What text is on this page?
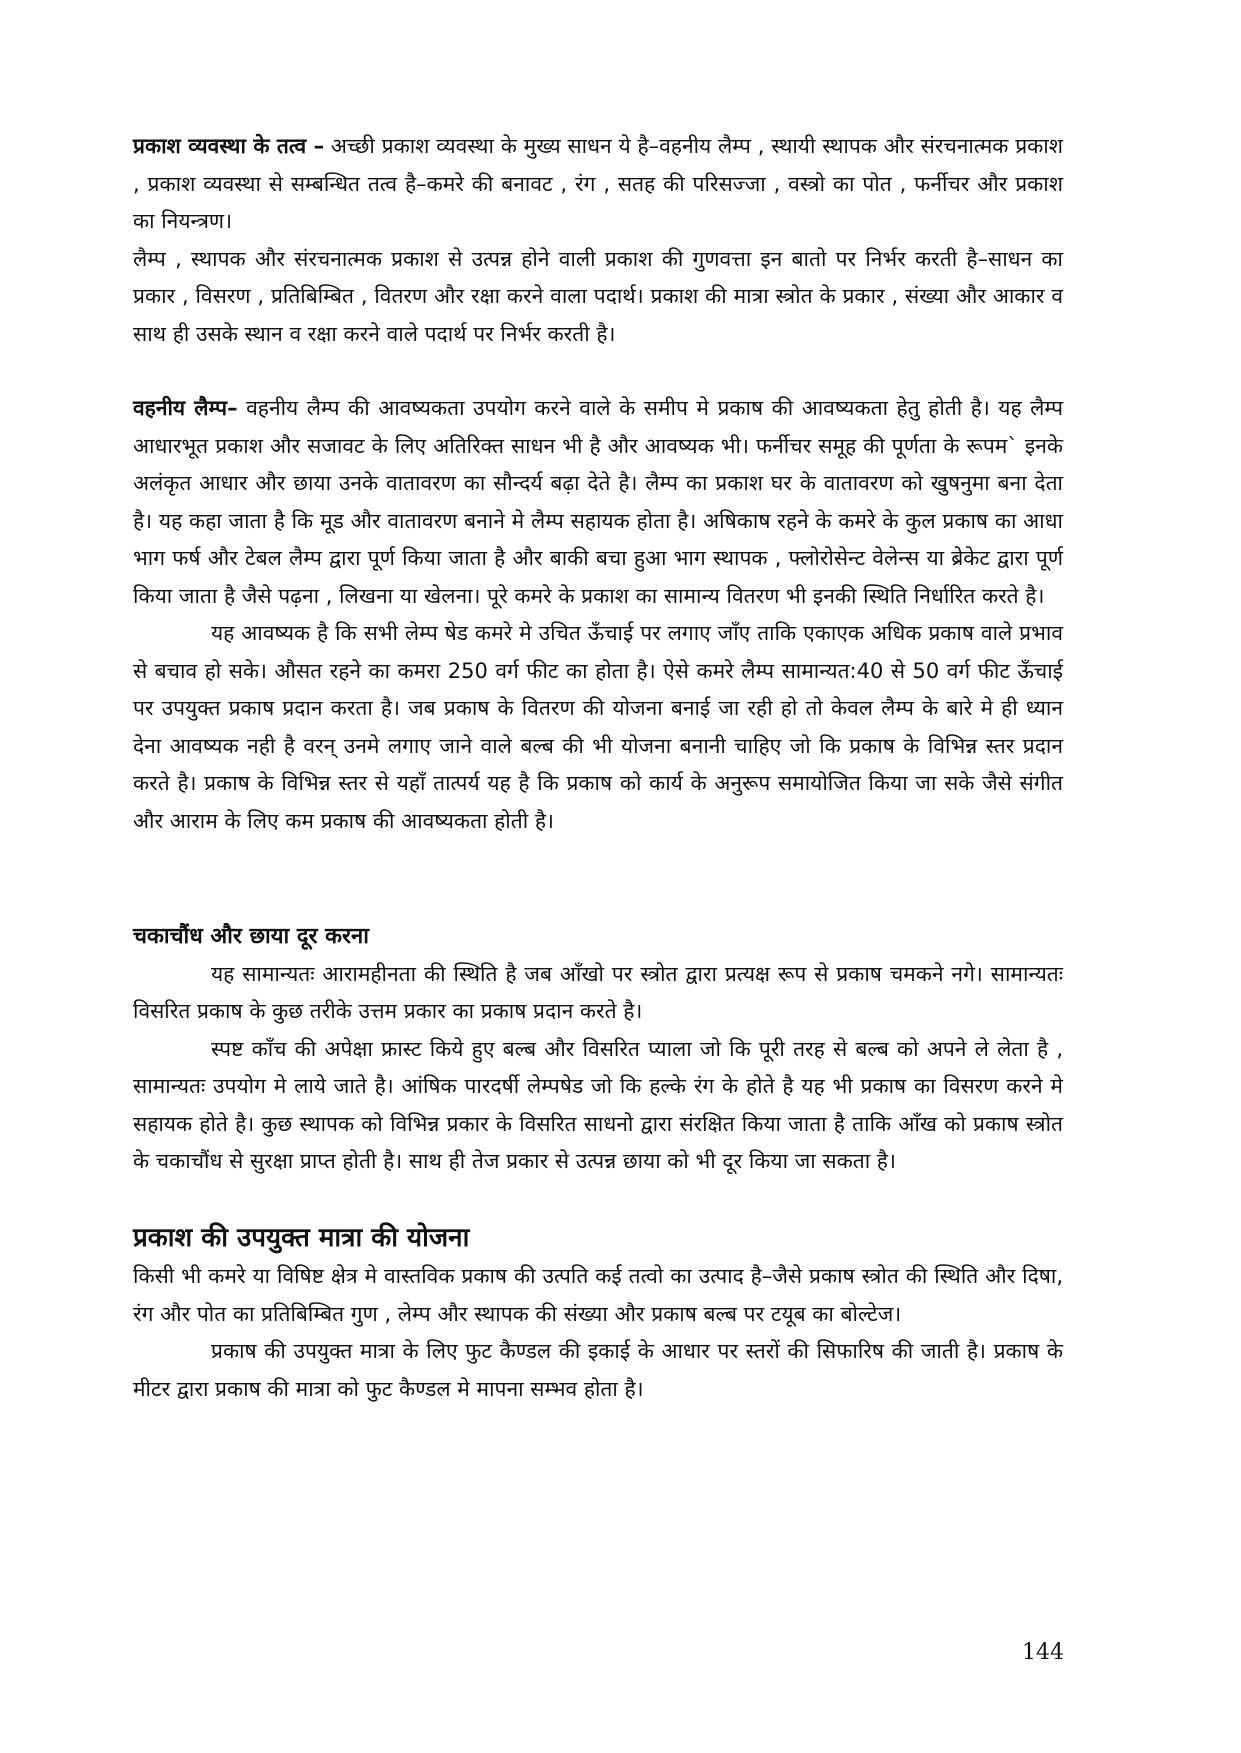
प्रकाश व्यवस्था के तत्व – अच्छी प्रकाश व्यवस्था के मुख्य साधन ये है–वहनीय लैम्प , स्थायी स्थापक और संरचनात्मक प्रकाश , प्रकाश व्यवस्था से सम्बन्धित तत्व है–कमरे की बनावट , रंग , सतह की परिसज्जा , वस्त्रो का पोत , फर्नीचर और प्रकाश का नियन्त्रण।

लैम्प , स्थापक और संरचनात्मक प्रकाश से उत्पन्न होने वाली प्रकाश की गुणवत्ता इन बातो पर निर्भर करती है–साधन का प्रकार , विसरण , प्रतिबिम्बित , वितरण और रक्षा करने वाला पदार्थ। प्रकाश की मात्रा स्त्रोत के प्रकार , संख्या और आकार व साथ ही उसके स्थान व रक्षा करने वाले पदार्थ पर निर्भर करती है।

वहनीय लैम्प– वहनीय लैम्प की आवष्यकता उपयोग करने वाले के समीप मे प्रकाष की आवष्यकता हेतु होती है। यह लैम्प आधारभूत प्रकाश और सजावट के लिए अतिरिक्त साधन भी है और आवष्यक भी। फर्नीचर समूह की पूर्णता के रूपम` इनके अलंकृत आधार और छाया उनके वातावरण का सौन्दर्य बढ़ा देते है। लैम्प का प्रकाश घर के वातावरण को खुषनुमा बना देता है। यह कहा जाता है कि मूड और वातावरण बनाने मे लैम्प सहायक होता है। अषिकाष रहने के कमरे के कुल प्रकाष का आधा भाग फर्ष और टेबल लैम्प द्वारा पूर्ण किया जाता है और बाकी बचा हुआ भाग स्थापक , फ्लोरोसेन्ट वेलेन्स या ब्रेकेट द्वारा पूर्ण किया जाता है जैसे पढ़ना , लिखना या खेलना। पूरे कमरे के प्रकाश का सामान्य वितरण भी इनकी स्थिति निर्धारित करते है।

यह आवष्यक है कि सभी लेम्प षेड कमरे मे उचित ऊँचाई पर लगाए जाँए ताकि एकाएक अधिक प्रकाष वाले प्रभाव से बचाव हो सके। औसत रहने का कमरा 250 वर्ग फीट का होता है। ऐसे कमरे लैम्प सामान्यत:40 से 50 वर्ग फीट ऊँचाई पर उपयुक्त प्रकाष प्रदान करता है। जब प्रकाष के वितरण की योजना बनाई जा रही हो तो केवल लैम्प के बारे मे ही ध्यान देना आवष्यक नही है वरन् उनमे लगाए जाने वाले बल्ब की भी योजना बनानी चाहिए जो कि प्रकाष के विभिन्न स्तर प्रदान करते है। प्रकाष के विभिन्न स्तर से यहाँ तात्पर्य यह है कि प्रकाष को कार्य के अनुरूप समायोजित किया जा सके जैसे संगीत और आराम के लिए कम प्रकाष की आवष्यकता होती है।

चकाचौंध और छाया दूर करना

यह सामान्यतः आरामहीनता की स्थिति है जब आँखो पर स्त्रोत द्वारा प्रत्यक्ष रूप से प्रकाष चमकने नगे। सामान्यतः विसरित प्रकाष के कुछ तरीके उत्तम प्रकार का प्रकाष प्रदान करते है।

स्पष्ट काँच की अपेक्षा फ्रास्ट किये हुए बल्ब और विसरित प्याला जो कि पूरी तरह से बल्ब को अपने ले लेता है , सामान्यतः उपयोग मे लाये जाते है। आंषिक पारदर्षी लेम्पषेड जो कि हल्के रंग के होते है यह भी प्रकाष का विसरण करने मे सहायक होते है। कुछ स्थापक को विभिन्न प्रकार के विसरित साधनो द्वारा संरक्षित किया जाता है ताकि आँख को प्रकाष स्त्रोत के चकाचौंध से सुरक्षा प्राप्त होती है। साथ ही तेज प्रकार से उत्पन्न छाया को भी दूर किया जा सकता है।

प्रकाश की उपयुक्त मात्रा की योजना

किसी भी कमरे या विषिष्ट क्षेत्र मे वास्तविक प्रकाष की उत्पति कई तत्वो का उत्पाद है–जैसे प्रकाष स्त्रोत की स्थिति और दिषा, रंग और पोत का प्रतिबिम्बित गुण , लेम्प और स्थापक की संख्या और प्रकाष बल्ब पर टयूब का बोल्टेज।

प्रकाष की उपयुक्त मात्रा के लिए फुट कैण्डल की इकाई के आधार पर स्तरों की सिफारिष की जाती है। प्रकाष के मीटर द्वारा प्रकाष की मात्रा को फुट कैण्डल मे मापना सम्भव होता है।

144
